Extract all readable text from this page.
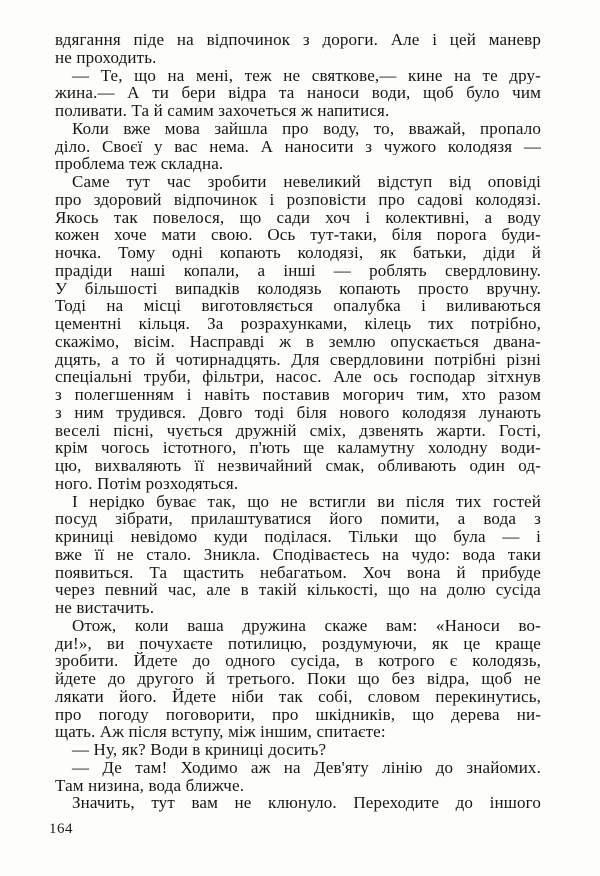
вдягання піде на відпочинок з дороги. Але і цей маневр
не проходить.
— Те, що на мені, теж не святкове,— кине на те дру-
жина.— А ти бери відра та наноси води, щоб було чим
поливати. Та й самим захочеться ж напитися.
Коли вже мова зайшла про воду, то, вважай, пропало
діло. Своєї у вас нема. А наносити з чужого колодязя —
проблема теж складна.
Саме тут час зробити невеликий відступ від оповіді
про здоровий відпочинок і розповісти про садові колодязі.
Якось так повелося, що сади хоч і колективні, а воду
кожен хоче мати свою. Ось тут-таки, біля порога буди-
ночка. Тому одні копають колодязі, як батьки, діди й
прадіди наші копали, а інші — роблять свердловину.
У більшості випадків колодязь копають просто вручну.
Тоді на місці виготовляється опалубка і виливаються
цементні кільця. За розрахунками, кілець тих потрібно,
скажімо, вісім. Насправді ж в землю опускається двана-
дцять, а то й чотирнадцять. Для свердловини потрібні різні
спеціальні труби, фільтри, насос. Але ось господар зітхнув
з полегшенням і навіть поставив могорич тим, хто разом
з ним трудився. Довго тоді біля нового колодязя лунають
веселі пісні, чується дружній сміх, дзвенять жарти. Гості,
крім чогось істотного, п'ють ще каламутну холодну води-
цю, вихваляють її незвичайний смак, обливають один од-
ного. Потім розходяться.
І нерідко буває так, що не встигли ви після тих гостей
посуд зібрати, прилаштуватися його помити, а вода з
криниці невідомо куди поділася. Тільки що була — і
вже її не стало. Зникла. Сподіваєтесь на чудо: вода таки
появиться. Та щастить небагатьом. Хоч вона й прибуде
через певний час, але в такій кількості, що на долю сусіда
не вистачить.
Отож, коли ваша дружина скаже вам: «Наноси во-
ди!», ви почухаєте потилицю, роздумуючи, як це краще
зробити. Йдете до одного сусіда, в котрого є колодязь,
йдете до другого й третього. Поки що без відра, щоб не
лякати його. Йдете ніби так собі, словом перекинутись,
про погоду поговорити, про шкідників, що дерева ни-
щать. Аж після вступу, між іншим, спитаєте:
— Ну, як? Води в криниці досить?
— Де там! Ходимо аж на Дев'яту лінію до знайомих.
Там низина, вода ближче.
Значить, тут вам не клюнуло. Переходите до іншого
164
